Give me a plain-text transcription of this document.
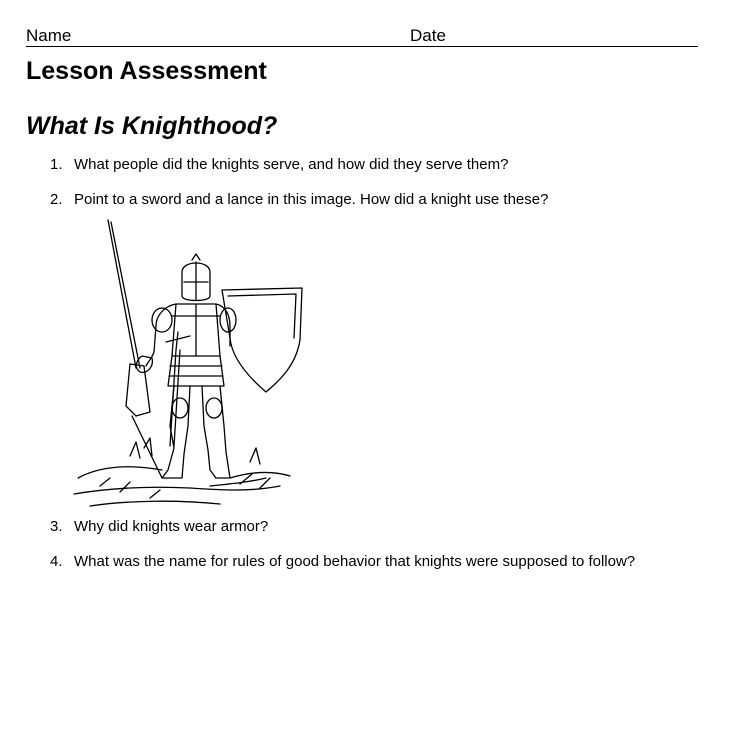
Name	Date
Lesson Assessment
What Is Knighthood?
1. What people did the knights serve, and how did they serve them?
2. Point to a sword and a lance in this image. How did a knight use these?
3. Why did knights wear armor?
4. What was the name for rules of good behavior that knights were supposed to follow?
